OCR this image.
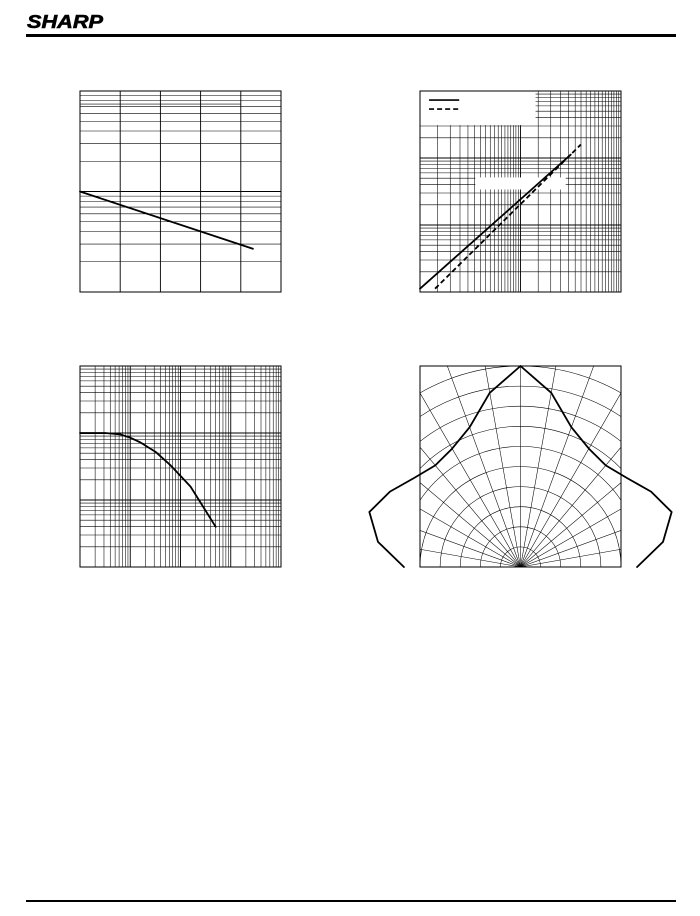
SHARP
